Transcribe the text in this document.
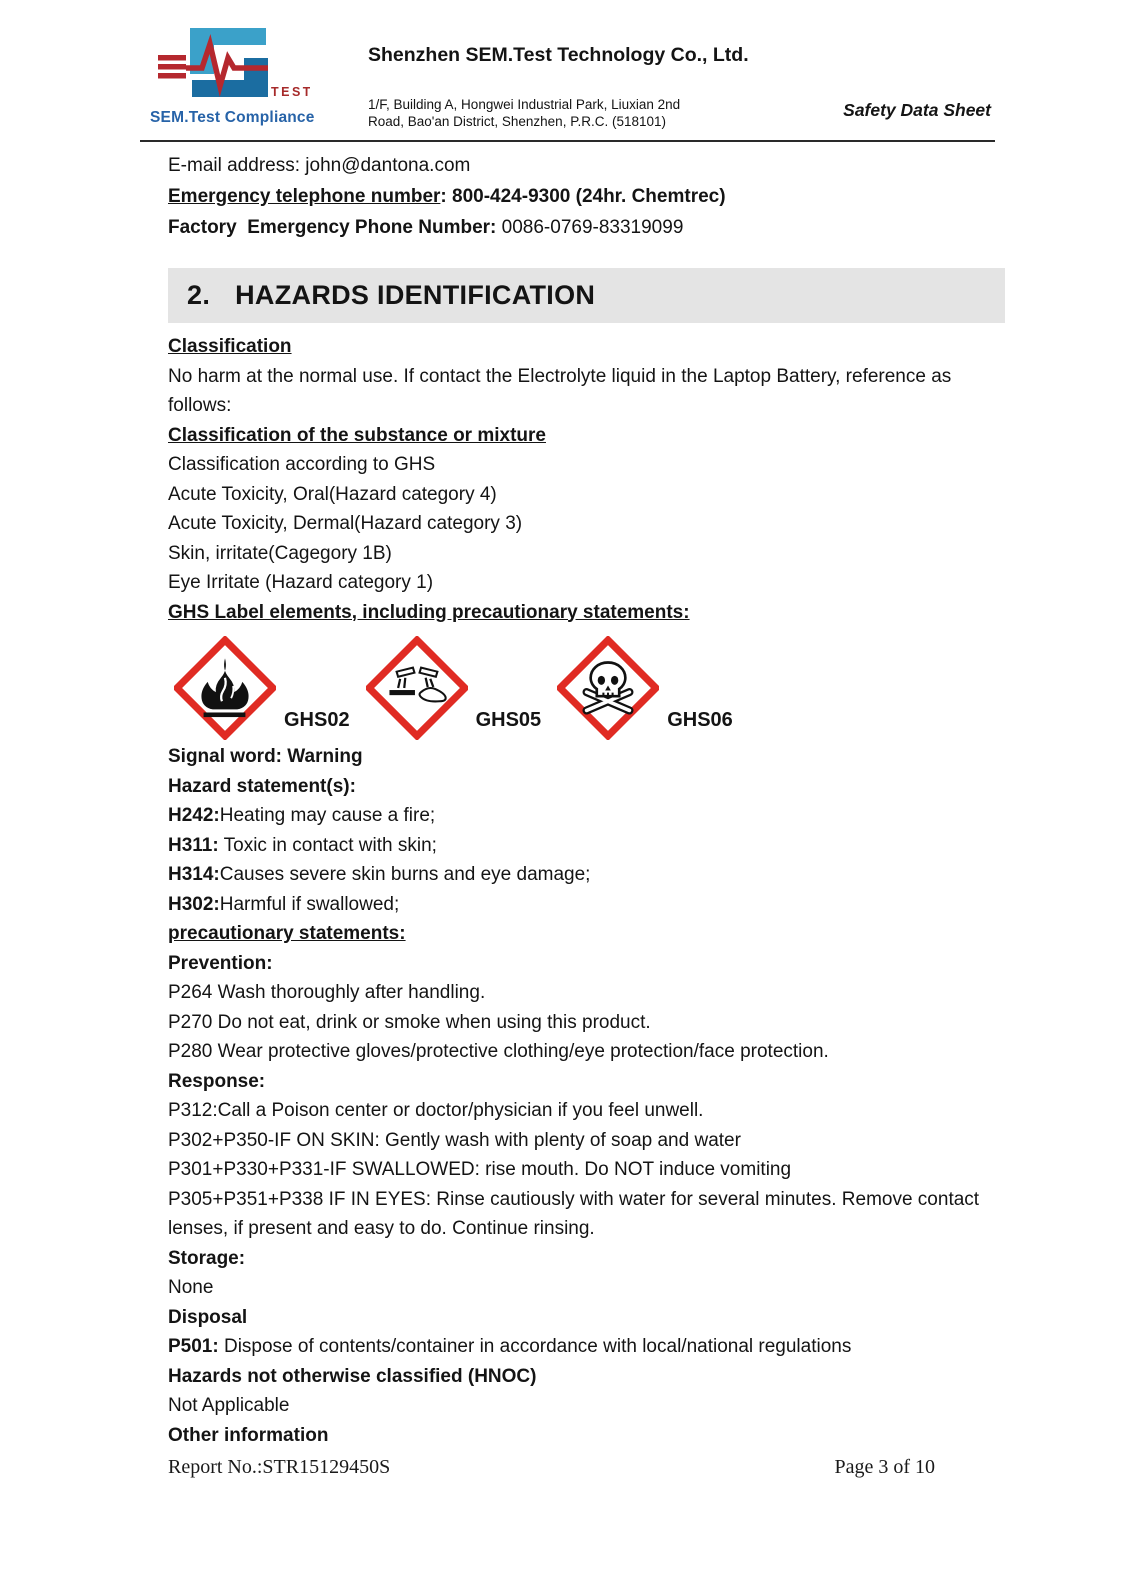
TEST
SEM.Test Compliance
Shenzhen SEM.Test Technology Co., Ltd.
1/F, Building A, Hongwei Industrial Park, Liuxian 2nd
Road, Bao'an District, Shenzhen, P.R.C. (518101)
Safety Data Sheet

E-mail address: john@dantona.com

Emergency telephone number: 800-424-9300 (24hr. Chemtrec)

Factory  Emergency Phone Number: 0086-0769-83319099

2. HAZARDS IDENTIFICATION

Classification

No harm at the normal use. If contact the Electrolyte liquid in the Laptop Battery, reference as

follows:

Classification of the substance or mixture

Classification according to GHS

Acute Toxicity, Oral(Hazard category 4)

Acute Toxicity, Dermal(Hazard category 3)

Skin, irritate(Cagegory 1B)

Eye Irritate (Hazard category 1)

GHS Label elements, including precautionary statements:

GHS02	GHS05	GHS06

Signal word: Warning

Hazard statement(s):

H242:Heating may cause a fire;

H311: Toxic in contact with skin;

H314:Causes severe skin burns and eye damage;

H302:Harmful if swallowed;

precautionary statements:

Prevention:

P264 Wash thoroughly after handling.

P270 Do not eat, drink or smoke when using this product.

P280 Wear protective gloves/protective clothing/eye protection/face protection.

Response:

P312:Call a Poison center or doctor/physician if you feel unwell.

P302+P350-IF ON SKIN: Gently wash with plenty of soap and water

P301+P330+P331-IF SWALLOWED: rise mouth. Do NOT induce vomiting

P305+P351+P338 IF IN EYES: Rinse cautiously with water for several minutes. Remove contact lenses, if present and easy to do. Continue rinsing.

Storage:

None

Disposal

P501: Dispose of contents/container in accordance with local/national regulations

Hazards not otherwise classified (HNOC)

Not Applicable

Other information

Report No.:STR15129450S	Page 3 of 10
